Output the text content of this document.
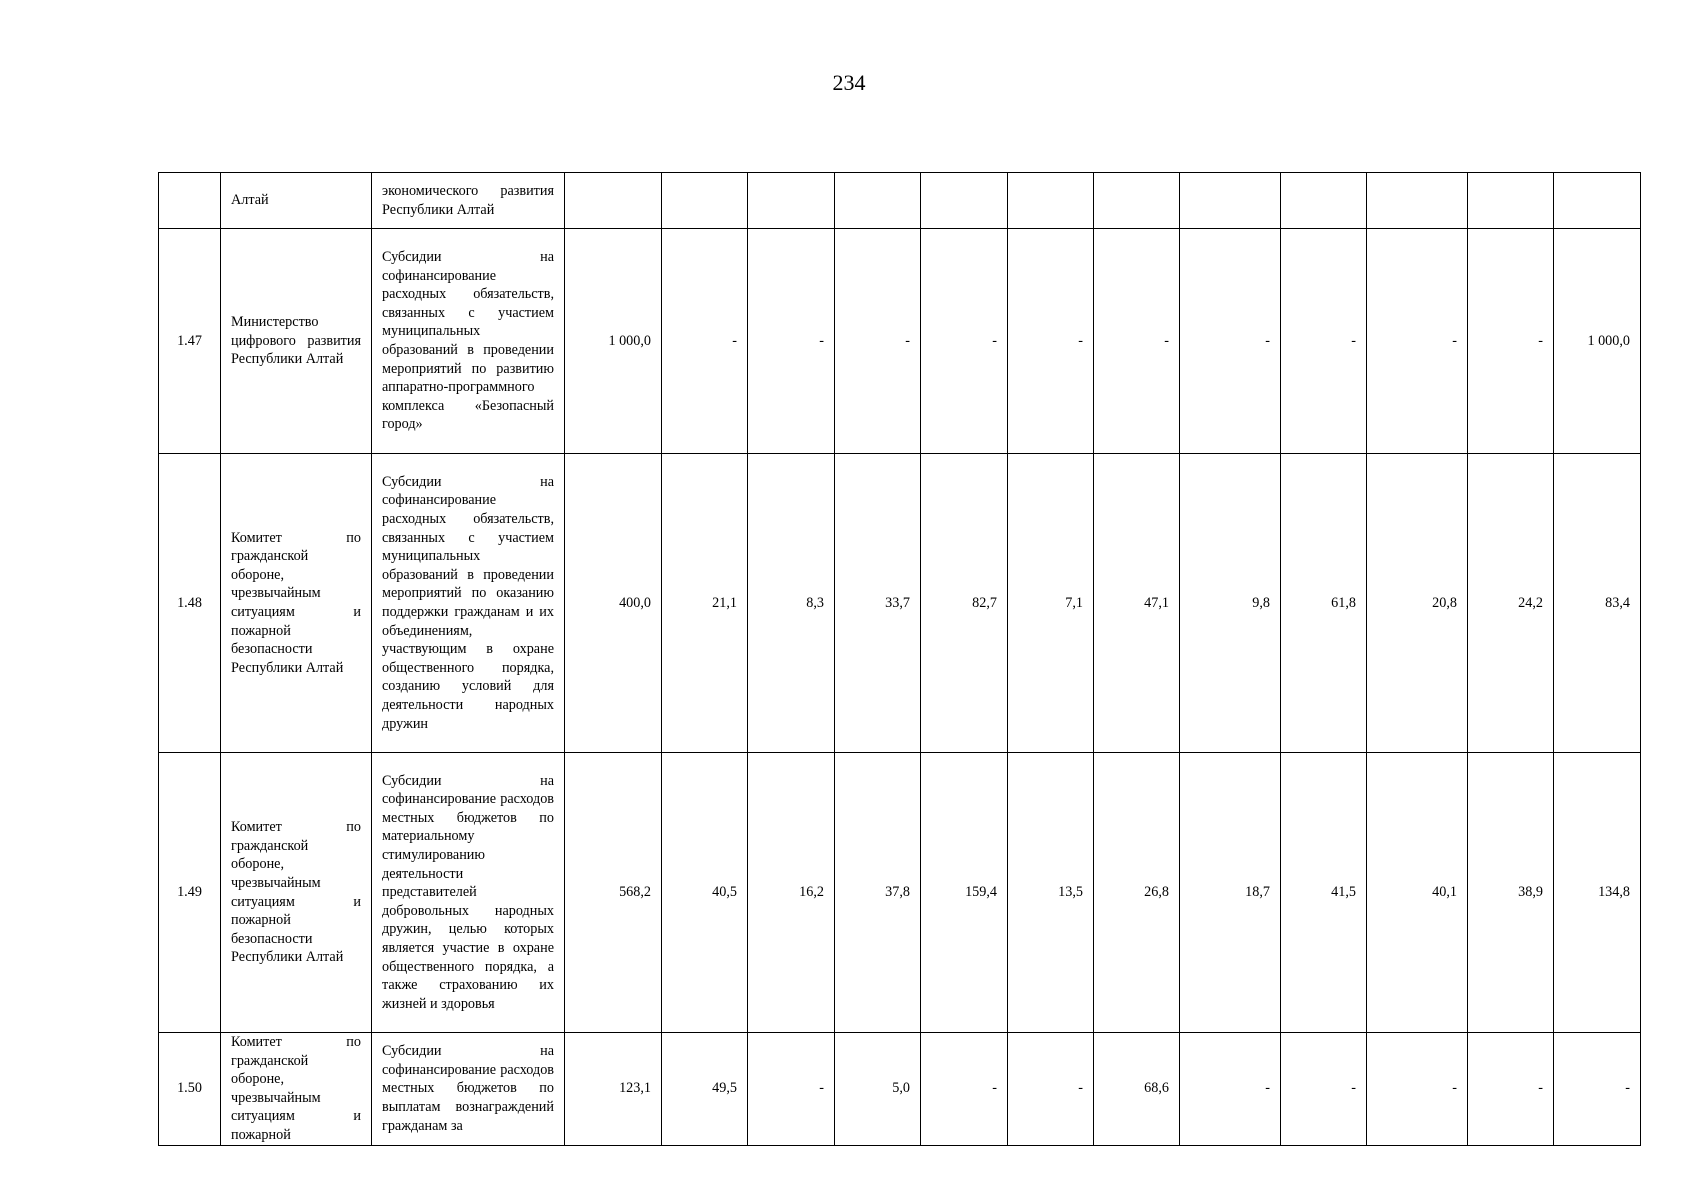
234
	Алтай	экономического развития Республики Алтай												
1.47	Министерство цифрового развития Республики Алтай	Субсидии на софинансирование расходных обязательств, связанных с участием муниципальных образований в проведении мероприятий по развитию аппаратно-программного комплекса «Безопасный город»	1 000,0	-	-	-	-	-	-	-	-	-	-	1 000,0
1.48	Комитет по гражданской обороне, чрезвычайным ситуациям и пожарной безопасности Республики Алтай	Субсидии на софинансирование расходных обязательств, связанных с участием муниципальных образований в проведении мероприятий по оказанию поддержки гражданам и их объединениям, участвующим в охране общественного порядка, созданию условий для деятельности народных дружин	400,0	21,1	8,3	33,7	82,7	7,1	47,1	9,8	61,8	20,8	24,2	83,4
1.49	Комитет по гражданской обороне, чрезвычайным ситуациям и пожарной безопасности Республики Алтай	Субсидии на софинансирование расходов местных бюджетов по материальному стимулированию деятельности представителей добровольных народных дружин, целью которых является участие в охране общественного порядка, а также страхованию их жизней и здоровья	568,2	40,5	16,2	37,8	159,4	13,5	26,8	18,7	41,5	40,1	38,9	134,8
1.50	Комитет по гражданской обороне, чрезвычайным ситуациям и пожарной	Субсидии на софинансирование расходов местных бюджетов по выплатам вознаграждений гражданам за	123,1	49,5	-	5,0	-	-	68,6	-	-	-	-	-
